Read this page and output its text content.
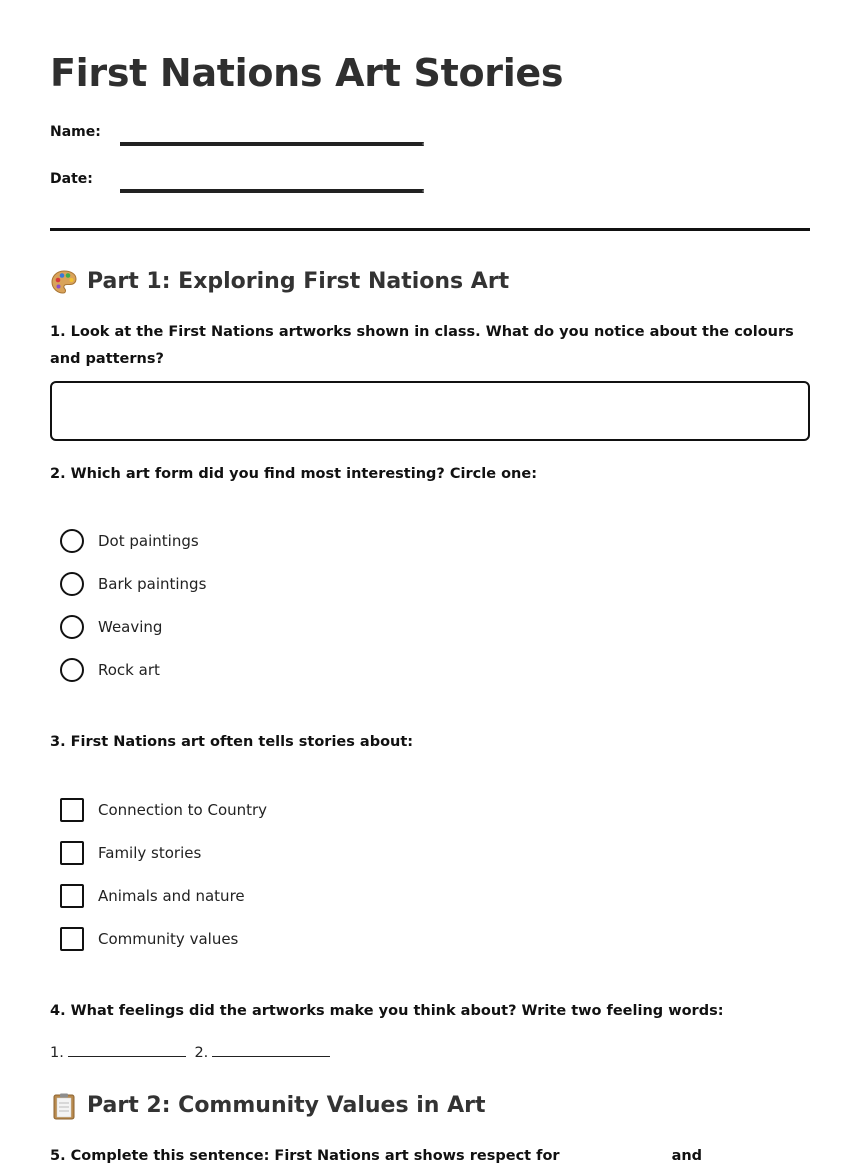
First Nations Art Stories
Name:
Date:
Part 1: Exploring First Nations Art
1. Look at the First Nations artworks shown in class. What do you notice about the colours and patterns?
2. Which art form did you find most interesting? Circle one:
Dot paintings
Bark paintings
Weaving
Rock art
3. First Nations art often tells stories about:
Connection to Country
Family stories
Animals and nature
Community values
4. What feelings did the artworks make you think about? Write two feeling words:
1.	2.
Part 2: Community Values in Art
5. Complete this sentence: First Nations art shows respect for	and
